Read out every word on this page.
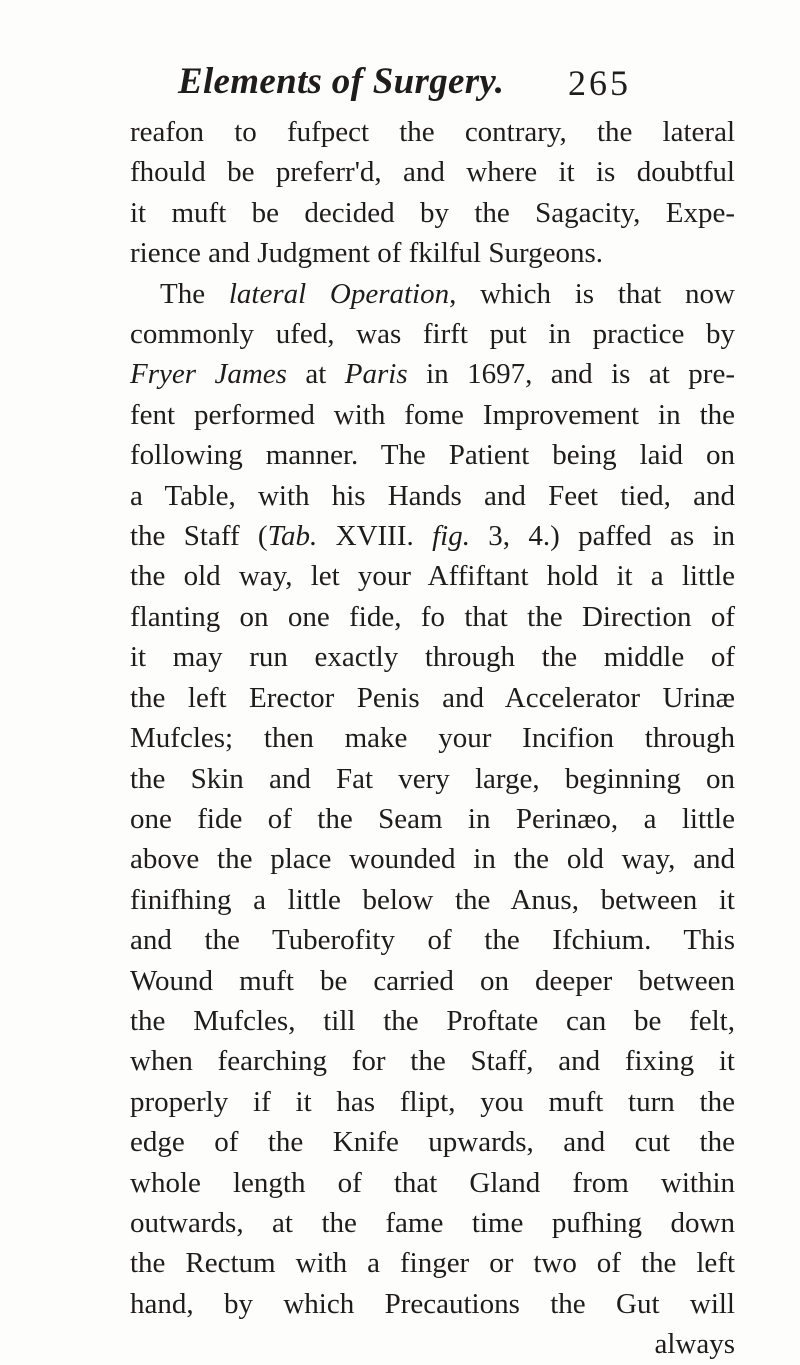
Elements of Surgery. 265
reafon to fufpect the contrary, the lateral
fhould be preferr'd, and where it is doubtful
it muft be decided by the Sagacity, Expe-
rience and Judgment of fkilful Surgeons.
The lateral Operation, which is that now
commonly ufed, was firft put in practice by
Fryer James at Paris in 1697, and is at pre-
fent performed with fome Improvement in the
following manner. The Patient being laid on
a Table, with his Hands and Feet tied, and
the Staff (Tab. XVIII. fig. 3, 4.) paffed as in
the old way, let your Affiftant hold it a little
flanting on one fide, fo that the Direction of
it may run exactly through the middle of
the left Erector Penis and Accelerator Urinæ
Mufcles; then make your Incifion through
the Skin and Fat very large, beginning on
one fide of the Seam in Perinæo, a little
above the place wounded in the old way, and
finifhing a little below the Anus, between it
and the Tuberofity of the Ifchium. This
Wound muft be carried on deeper between
the Mufcles, till the Proftate can be felt,
when fearching for the Staff, and fixing it
properly if it has flipt, you muft turn the
edge of the Knife upwards, and cut the
whole length of that Gland from within
outwards, at the fame time pufhing down
the Rectum with a finger or two of the left
hand, by which Precautions the Gut will
always
